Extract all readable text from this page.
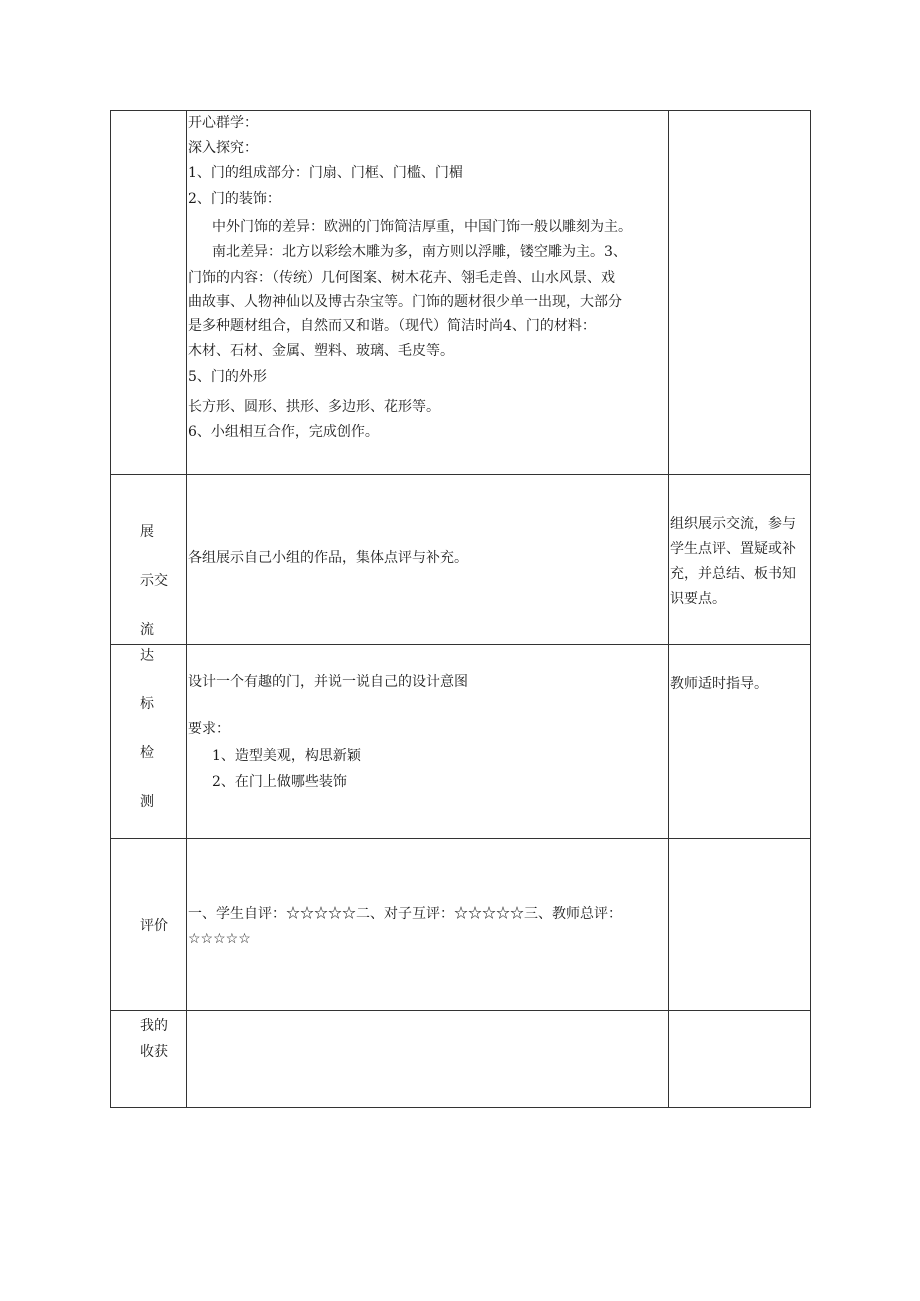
开心群学：
深入探究：
1、门的组成部分：门扇、门框、门槛、门楣
2、门的装饰：
中外门饰的差异：欧洲的门饰简洁厚重，中国门饰一般以雕刻为主。
南北差异：北方以彩绘木雕为多，南方则以浮雕，镂空雕为主。3、
门饰的内容：（传统）几何图案、树木花卉、翎毛走兽、山水风景、戏
曲故事、人物神仙以及博古杂宝等。门饰的题材很少单一出现，大部分
是多种题材组合，自然而又和谐。（现代）简洁时尚4、门的材料：
木材、石材、金属、塑料、玻璃、毛皮等。
5、门的外形
长方形、圆形、拱形、多边形、花形等。
6、小组相互合作，完成创作。
展
示交
流
各组展示自己小组的作品，集体点评与补充。
组织展示交流，参与
学生点评、置疑或补
充，并总结、板书知
识要点。
达
标
检
测
设计一个有趣的门，并说一说自己的设计意图
要求：
1、造型美观，构思新颖
2、在门上做哪些装饰
教师适时指导。
评价
一、学生自评：☆☆☆☆☆二、对子互评：☆☆☆☆☆三、教师总评：
☆☆☆☆☆
我的
收获
